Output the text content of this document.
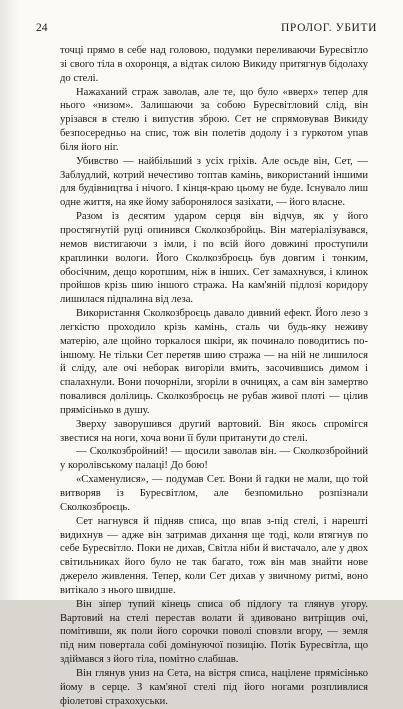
24	ПРОЛОГ. УБИТИ

точці прямо в себе над головою, подумки переливаючи Буресвітло зі свого тіла в охоронця, а відтак силою Викиду притягнув бідолаху до стелі.

Нажаханий страж заволав, але те, що було «вверх» тепер для нього «низом». Залишаючи за собою Буресвітловий слід, він урізався в стелю і випустив зброю. Сет не спрямовував Викиду безпосередньо на спис, тож він полетів додолу і з гуркотом упав біля його ніг.

Убивство — найбільший з усіх гріхів. Але осьде він, Сет, — Заблудлий, котрий нечестиво топтав камінь, використаний іншими для будівництва і нічого. І кінця-краю цьому не буде. Існувало лиш одне життя, на яке йому заборонялося зазіхати, — його власне.

Разом із десятим ударом серця він відчув, як у його простягнутій руці опинився Сколкозбройць. Він матеріалізувався, немов вистигаючи з імли, і по всій його довжині проступили краплинки вологи. Його Сколкозброєць був довгим і тонким, обосічним, дещо коротшим, ніж в інших. Сет замахнувся, і клинок пройшов крізь шию іншого стража. На кам'яній підлозі коридору лишилася підпалина від леза.

Використання Сколкозброєць давало дивний ефект. Його лезо з легкістю проходило крізь камінь, сталь чи будь-яку неживу матерію, але щойно торкалося шкіри, як починало поводитись по-іншому. Не тільки Сет перетяв шию стража — на ній не лишилося й сліду, але очі неборак вигоріли вмить, засочившись димом і спалахнули. Вони почорніли, згоріли в очницях, а сам він замертво повалився долілиць. Сколкозброєць не рубав живої плоті — цілив прямісінько в душу.

Зверху заворушився другий вартовий. Він якось спромігся звестися на ноги, хоча вони її були пританути до стелі.

— Сколкозбройний! — щосили заволав він. — Сколкозбройний у королівському палаці! До бою!

«Схаменулися», — подумав Сет. Вони й гадки не мали, що той витворяв із Буресвітлом, але безпомильно розпізнали Сколкозброєць.

Сет нагнувся й підняв списа, що впав з-під стелі, і нарешті видихнув — адже він затримав дихання ще тоді, коли втягнув по себе Буресвітло. Поки не дихав, Світла ніби й вистачало, але у двох світильниках його було не так багато, тож він мав знайти нове джерело живлення. Тепер, коли Сет дихав у звичному ритмі, воно витікало з нього швидше.

Він зіпер тупий кінець списа об підлогу та глянув угору. Вартовий на стелі перестав волати й здивовано витріщив очі, помітивши, як поли його сорочки поволі сповзли вгору, — земля під ним повертала собі домінуючої позицію. Потік Буресвітла, що здіймався з його тіла, помітно слабшав.

Він глянув униз на Сета, на вістря списа, націлене прямісінько йому в серце. З кам'яної стелі під його ногами розпливлися фіолетові страхохуськи.
